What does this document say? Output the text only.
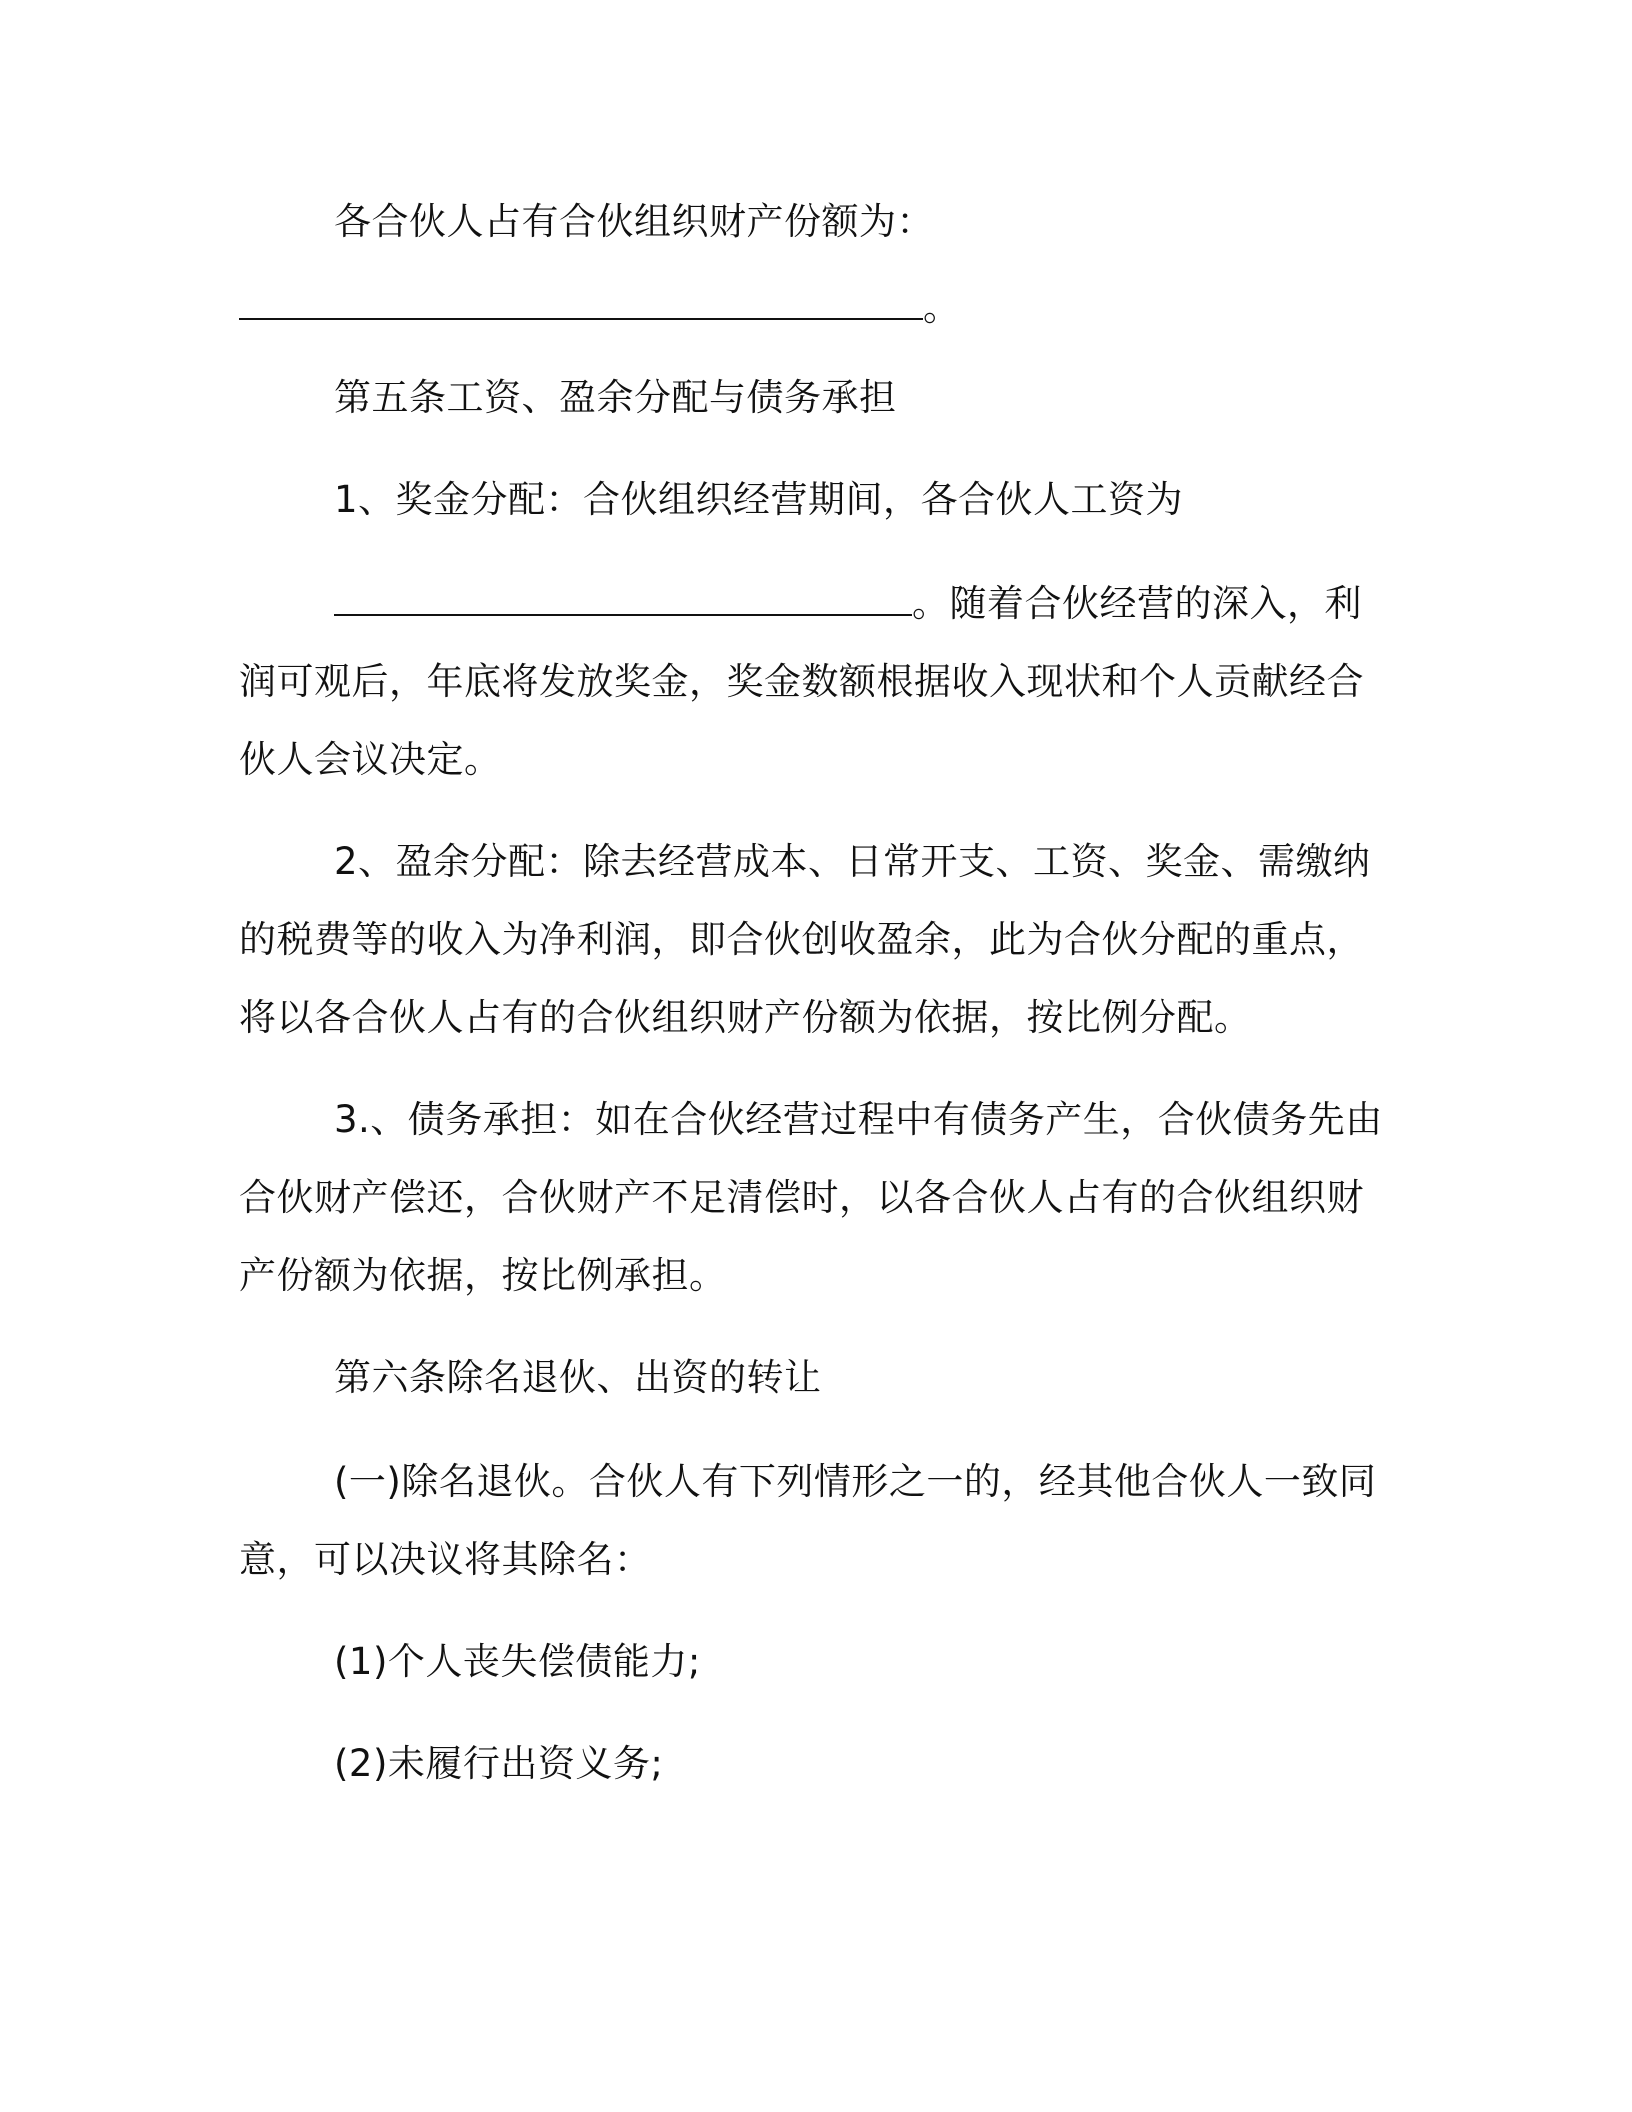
各合伙人占有合伙组织财产份额为：
。
第五条工资、盈余分配与债务承担
1、奖金分配：合伙组织经营期间，各合伙人工资为
。随着合伙经营的深入，利
润可观后，年底将发放奖金，奖金数额根据收入现状和个人贡献经合
伙人会议决定。
2、盈余分配：除去经营成本、日常开支、工资、奖金、需缴纳
的税费等的收入为净利润，即合伙创收盈余，此为合伙分配的重点，
将以各合伙人占有的合伙组织财产份额为依据，按比例分配。
3.、债务承担：如在合伙经营过程中有债务产生，合伙债务先由
合伙财产偿还，合伙财产不足清偿时，以各合伙人占有的合伙组织财
产份额为依据，按比例承担。
第六条除名退伙、出资的转让
(一)除名退伙。合伙人有下列情形之一的，经其他合伙人一致同
意，可以决议将其除名：
(1)个人丧失偿债能力;
(2)未履行出资义务;
